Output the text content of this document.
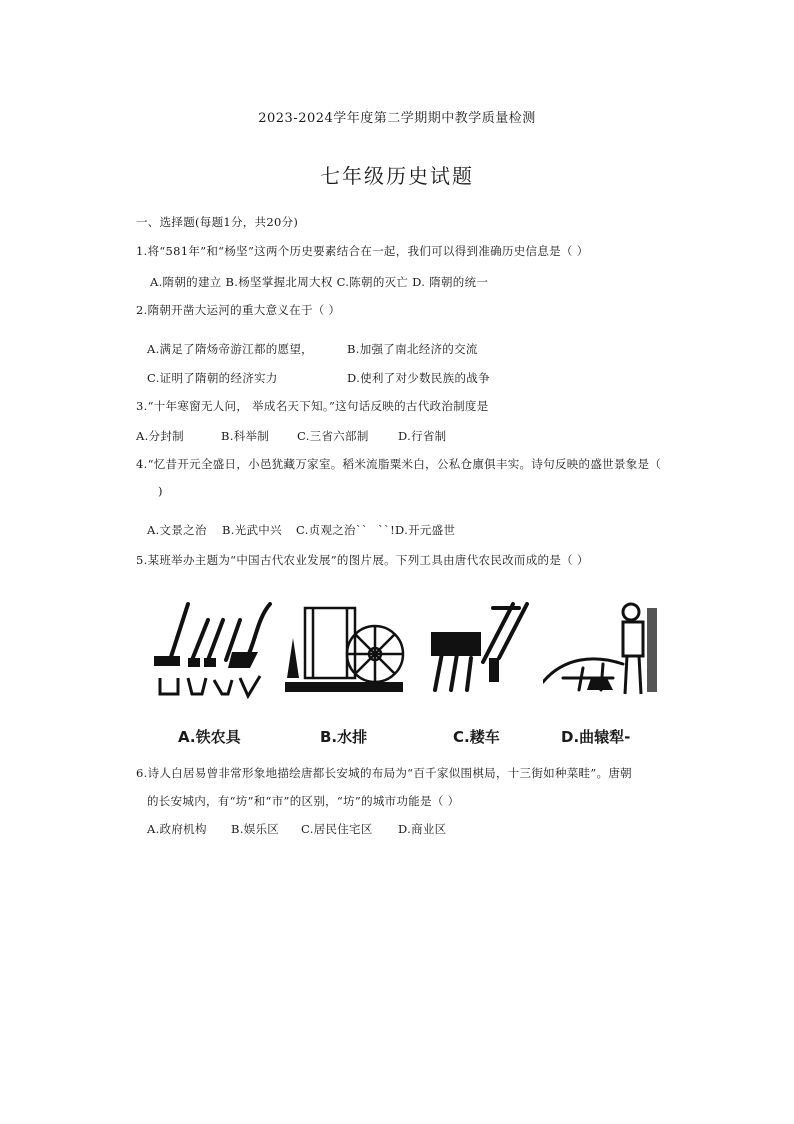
2023-2024学年度第二学期期中教学质量检测
七年级历史试题
一、选择题(每题1分，共20分)
1.将“581年”和“杨坚”这两个历史要素结合在一起，我们可以得到准确历史信息是（ ）
A.隋朝的建立 B.杨坚掌握北周大权 C.陈朝的灭亡 D. 隋朝的统一
2.隋朝开凿大运河的重大意义在于（ ）
A.满足了隋炀帝游江都的愿望，	B.加强了南北经济的交流
C.证明了隋朝的经济实力	D.使利了对少数民族的战争
3.“十年寒窗无人问， 举成名天下知。”这句话反映的古代政治制度是
A.分封制	B.科举制 C.三省六部制	D.行省制
4.“忆昔开元全盛日，小邑犹藏万家室。稻米流脂粟米白，公私仓廪俱丰实。诗句反映的盛世景象是（
)
A.文景之治 B.光武中兴 C.贞观之治`` ``!D.开元盛世
5.某班举办主题为“中国古代农业发展”的图片展。下列工具由唐代农民改而成的是（ ）
A.铁农具	B.水排	C.耧车	D.曲辕犁-
6.诗人白居易曾非常形象地描绘唐都长安城的布局为“百千家似围棋局，十三街如种菜畦”。唐朝
的长安城内，有“坊”和“市”的区别，“坊”的城市功能是（ ）
A.政府机构 B.娱乐区 C.居民住宅区 D.商业区
